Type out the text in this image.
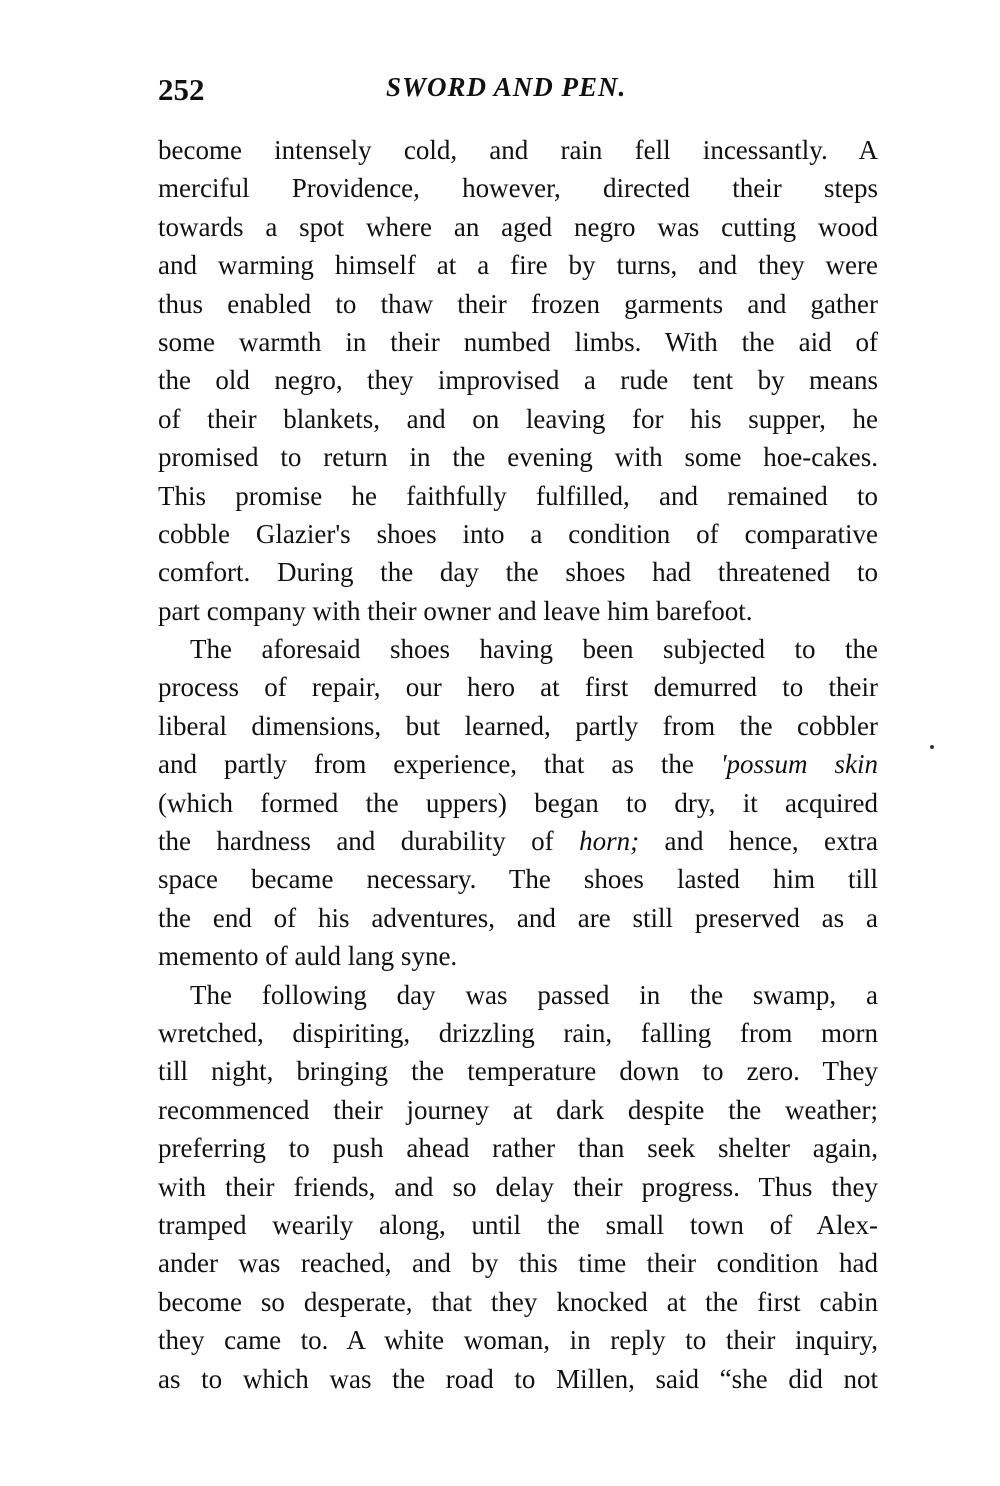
252	SWORD AND PEN.
become intensely cold, and rain fell incessantly. A
merciful Providence, however, directed their steps
towards a spot where an aged negro was cutting wood
and warming himself at a fire by turns, and they were
thus enabled to thaw their frozen garments and gather
some warmth in their numbed limbs. With the aid of
the old negro, they improvised a rude tent by means
of their blankets, and on leaving for his supper, he
promised to return in the evening with some hoe-cakes.
This promise he faithfully fulfilled, and remained to
cobble Glazier's shoes into a condition of comparative
comfort. During the day the shoes had threatened to
part company with their owner and leave him barefoot.
The aforesaid shoes having been subjected to the
process of repair, our hero at first demurred to their
liberal dimensions, but learned, partly from the cobbler
and partly from experience, that as the 'possum skin
(which formed the uppers) began to dry, it acquired
the hardness and durability of horn; and hence, extra
space became necessary. The shoes lasted him till
the end of his adventures, and are still preserved as a
memento of auld lang syne.
The following day was passed in the swamp, a
wretched, dispiriting, drizzling rain, falling from morn
till night, bringing the temperature down to zero. They
recommenced their journey at dark despite the weather;
preferring to push ahead rather than seek shelter again,
with their friends, and so delay their progress. Thus they
tramped wearily along, until the small town of Alex-
ander was reached, and by this time their condition had
become so desperate, that they knocked at the first cabin
they came to. A white woman, in reply to their inquiry,
as to which was the road to Millen, said “she did not
